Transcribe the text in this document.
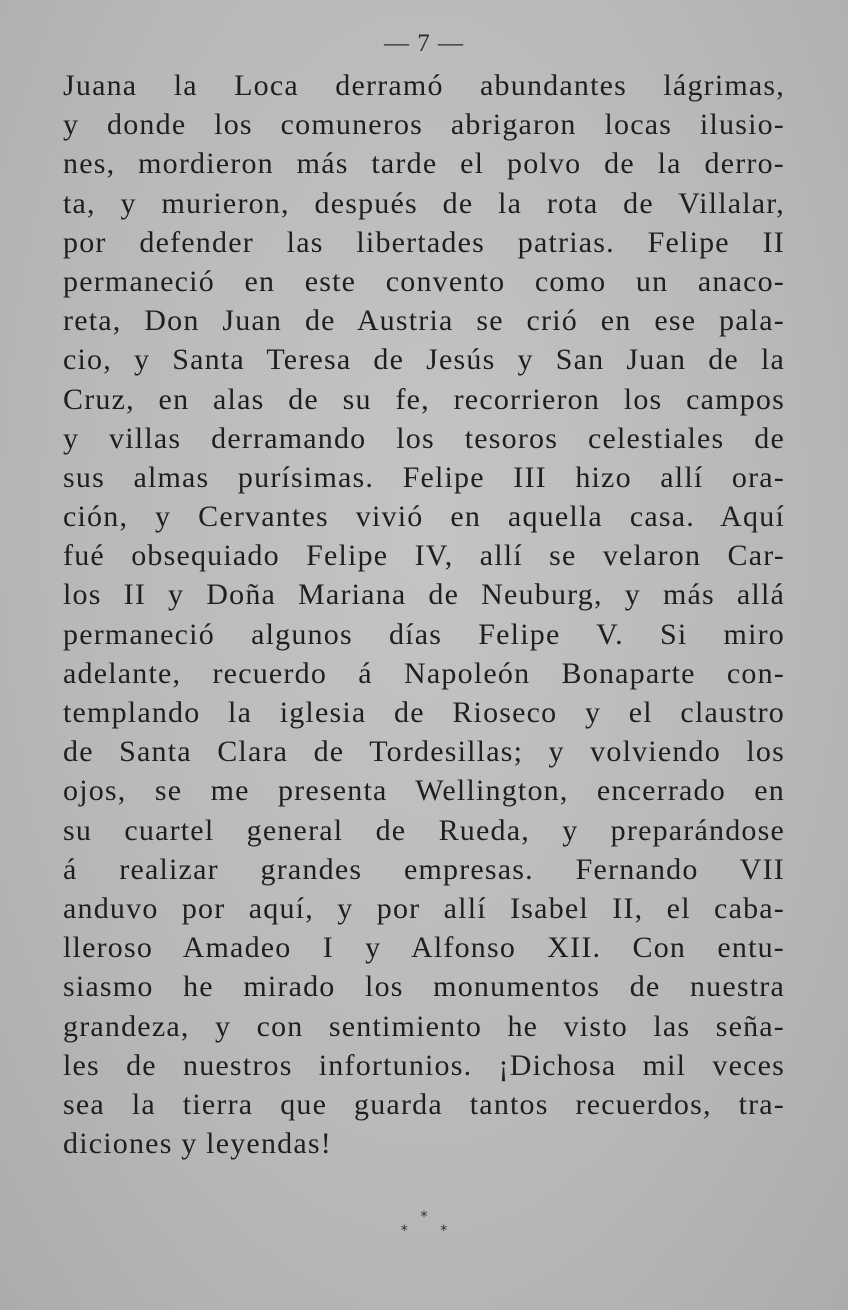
— 7 —
Juana la Loca derramó abundantes lágrimas,
y donde los comuneros abrigaron locas ilusio-
nes, mordieron más tarde el polvo de la derro-
ta, y murieron, después de la rota de Villalar,
por defender las libertades patrias. Felipe II
permaneció en este convento como un anaco-
reta, Don Juan de Austria se crió en ese pala-
cio, y Santa Teresa de Jesús y San Juan de la
Cruz, en alas de su fe, recorrieron los campos
y villas derramando los tesoros celestiales de
sus almas purísimas. Felipe III hizo allí ora-
ción, y Cervantes vivió en aquella casa. Aquí
fué obsequiado Felipe IV, allí se velaron Car-
los II y Doña Mariana de Neuburg, y más allá
permaneció algunos días Felipe V. Si miro
adelante, recuerdo á Napoleón Bonaparte con-
templando la iglesia de Rioseco y el claustro
de Santa Clara de Tordesillas; y volviendo los
ojos, se me presenta Wellington, encerrado en
su cuartel general de Rueda, y preparándose
á realizar grandes empresas. Fernando VII
anduvo por aquí, y por allí Isabel II, el caba-
lleroso Amadeo I y Alfonso XII. Con entu-
siasmo he mirado los monumentos de nuestra
grandeza, y con sentimiento he visto las seña-
les de nuestros infortunios. ¡Dichosa mil veces
sea la tierra que guarda tantos recuerdos, tra-
diciones y leyendas!
*
* *
